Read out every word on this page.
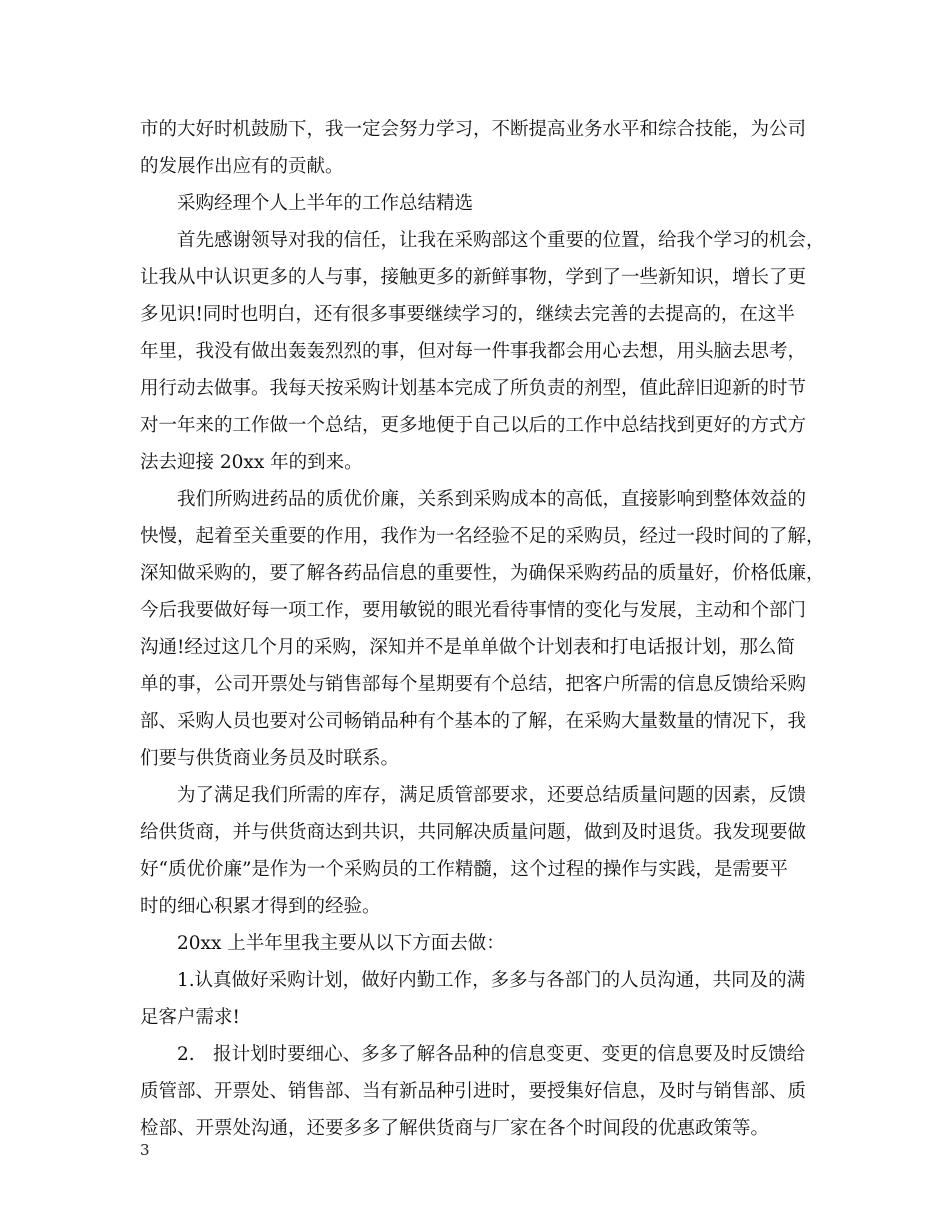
市的大好时机鼓励下，我一定会努力学习，不断提高业务水平和综合技能，为公司
的发展作出应有的贡献。
　　采购经理个人上半年的工作总结精选
　　首先感谢领导对我的信任，让我在采购部这个重要的位置，给我个学习的机会，
让我从中认识更多的人与事，接触更多的新鲜事物，学到了一些新知识，增长了更
多见识!同时也明白，还有很多事要继续学习的，继续去完善的去提高的，在这半
年里，我没有做出轰轰烈烈的事，但对每一件事我都会用心去想，用头脑去思考，
用行动去做事。我每天按采购计划基本完成了所负责的剂型，值此辞旧迎新的时节
对一年来的工作做一个总结，更多地便于自己以后的工作中总结找到更好的方式方
法去迎接 20xx 年的到来。
　　我们所购进药品的质优价廉，关系到采购成本的高低，直接影响到整体效益的
快慢，起着至关重要的作用，我作为一名经验不足的采购员，经过一段时间的了解，
深知做采购的，要了解各药品信息的重要性，为确保采购药品的质量好，价格低廉，
今后我要做好每一项工作，要用敏锐的眼光看待事情的变化与发展，主动和个部门
沟通!经过这几个月的采购，深知并不是单单做个计划表和打电话报计划，那么简
单的事，公司开票处与销售部每个星期要有个总结，把客户所需的信息反馈给采购
部、采购人员也要对公司畅销品种有个基本的了解，在采购大量数量的情况下，我
们要与供货商业务员及时联系。
　　为了满足我们所需的库存，满足质管部要求，还要总结质量问题的因素，反馈
给供货商，并与供货商达到共识，共同解决质量问题，做到及时退货。我发现要做
好“质优价廉”是作为一个采购员的工作精髓，这个过程的操作与实践，是需要平
时的细心积累才得到的经验。
　　20xx 上半年里我主要从以下方面去做：
　　1.认真做好采购计划，做好内勤工作，多多与各部门的人员沟通，共同及的满
足客户需求!
　　2.　报计划时要细心、多多了解各品种的信息变更、变更的信息要及时反馈给
质管部、开票处、销售部、当有新品种引进时，要授集好信息，及时与销售部、质
检部、开票处沟通，还要多多了解供货商与厂家在各个时间段的优惠政策等。
3
